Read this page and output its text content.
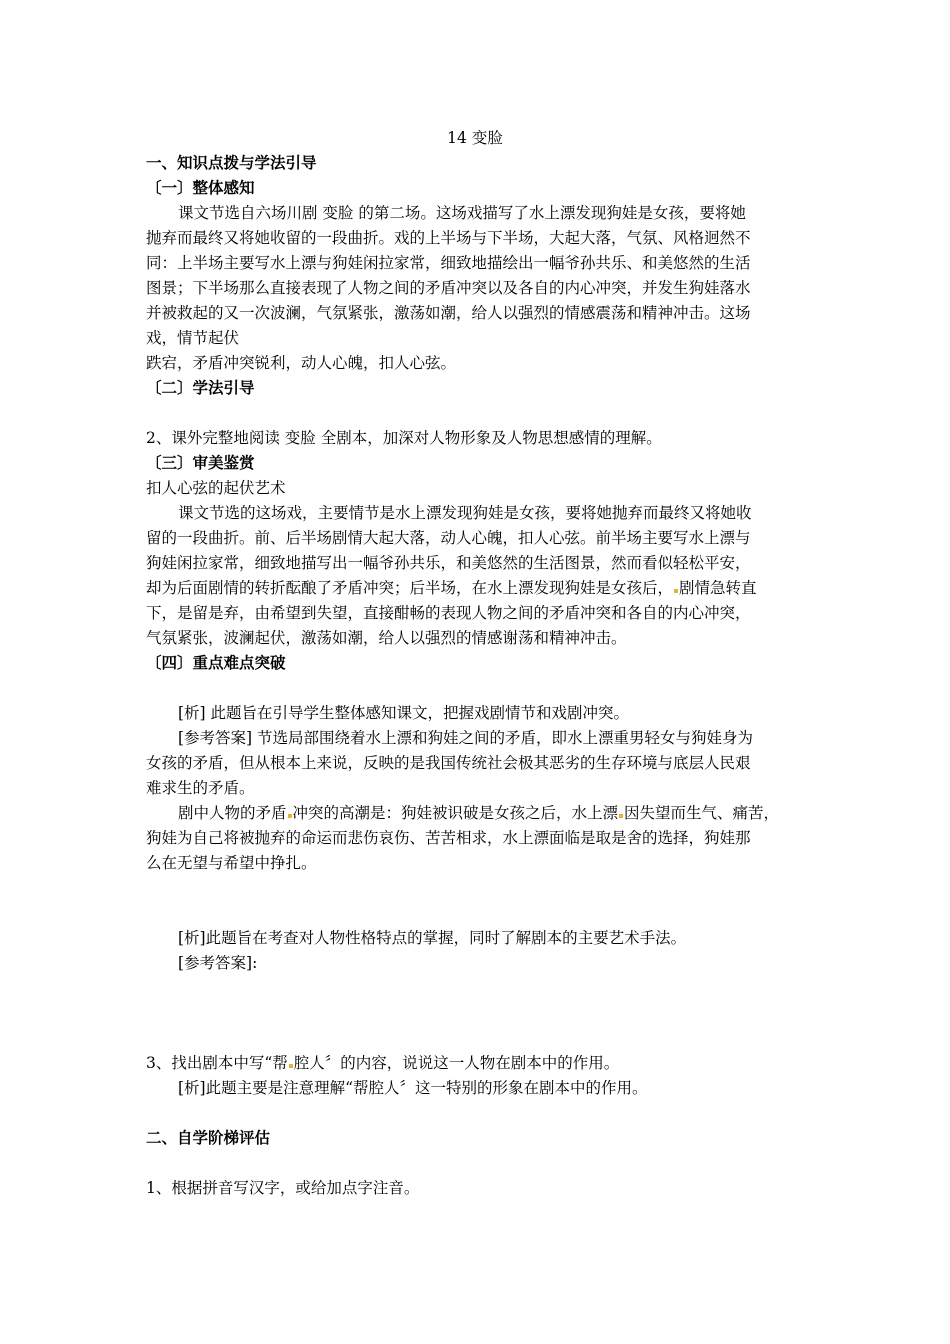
14 变脸
一、知识点拨与学法引导
〔一〕整体感知
课文节选自六场川剧 变脸 的第二场。这场戏描写了水上漂发现狗娃是女孩，要将她
抛弃而最终又将她收留的一段曲折。戏的上半场与下半场，大起大落，气氛、风格迥然不
同：上半场主要写水上漂与狗娃闲拉家常，细致地描绘出一幅爷孙共乐、和美悠然的生活
图景；下半场那么直接表现了人物之间的矛盾冲突以及各自的内心冲突，并发生狗娃落水
并被救起的又一次波澜，气氛紧张，激荡如潮，给人以强烈的情感震荡和精神冲击。这场
戏，情节起伏
跌宕，矛盾冲突锐利，动人心魄，扣人心弦。
〔二〕学法引导
2、课外完整地阅读 变脸 全剧本，加深对人物形象及人物思想感情的理解。
〔三〕审美鉴赏
扣人心弦的起伏艺术
课文节选的这场戏，主要情节是水上漂发现狗娃是女孩，要将她抛弃而最终又将她收
留的一段曲折。前、后半场剧情大起大落，动人心魄，扣人心弦。前半场主要写水上漂与
狗娃闲拉家常，细致地描写出一幅爷孙共乐，和美悠然的生活图景，然而看似轻松平安，
却为后面剧情的转折酝酿了矛盾冲突；后半场，在水上漂发现狗娃是女孩后， 剧情急转直
下，是留是弃，由希望到失望，直接酣畅的表现人物之间的矛盾冲突和各自的内心冲突，
气氛紧张，波澜起伏，激荡如潮，给人以强烈的情感谢荡和精神冲击。
〔四〕重点难点突破
[析] 此题旨在引导学生整体感知课文，把握戏剧情节和戏剧冲突。
[参考答案] 节选局部围绕着水上漂和狗娃之间的矛盾，即水上漂重男轻女与狗娃身为
女孩的矛盾，但从根本上来说，反映的是我国传统社会极其恶劣的生存环境与底层人民艰
难求生的矛盾。
剧中人物的矛盾 冲突的高潮是：狗娃被识破是女孩之后，水上漂 因失望而生气、痛苦，
狗娃为自己将被抛弃的命运而悲伤哀伤、苦苦相求，水上漂面临是取是舍的选择，狗娃那
么在无望与希望中挣扎。
[析]此题旨在考查对人物性格特点的掌握，同时了解剧本的主要艺术手法。
[参考答案]:
3、找出剧本中写“帮 腔人〞的内容，说说这一人物在剧本中的作用。
[析]此题主要是注意理解“帮腔人〞这一特别的形象在剧本中的作用。
二、自学阶梯评估
1、根据拼音写汉字，或给加点字注音。
